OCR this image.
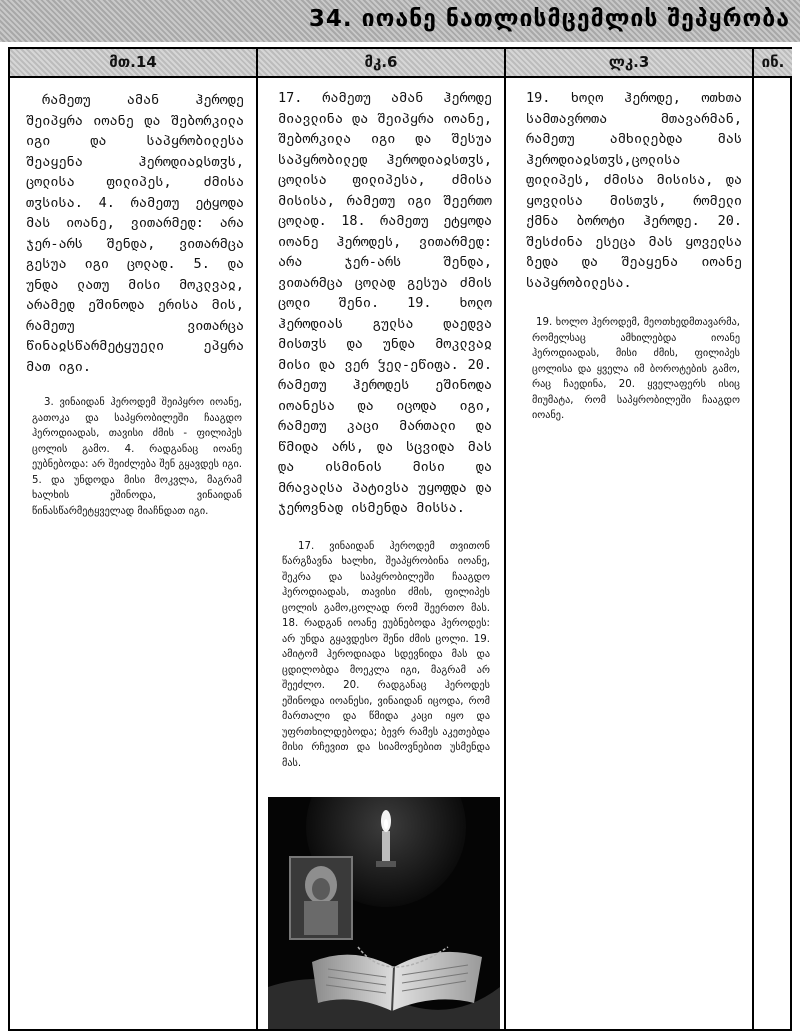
34. იოანე ნათლისმცემლის შეპყრობა
მთ.14

რამეთუ ამან ჰეროდე შეიპყრა იოანე და შებორკილა იგი და საპყრობილესა შეაყენა ჰეროდიაჲსთჳს, ცოლისა ფილიპეს, ძმისა თჳსისა. 4. რამეთუ ეტყოდა მას იოანე, ვითარმედ: არა ჯერ-არს შენდა, ვითარმცა გესუა იგი ცოლად. 5. და უნდა ლათუ მისი მოკლვაჲ, არამედ ეშინოდა ერისა მის, რამეთუ ვითარცა წინაჲსწარმეტყუელი ეპყრა მათ იგი.

3. ვინაიდან ჰეროდემ შეიპყრო იოანე, გათოკა და საპყრობილეში ჩააგდო ჰეროდიადას, თავისი ძმის - ფილიპეს ცოლის გამო. 4. რადგანაც იოანე ეუბნებოდა: არ შეიძლება შენ გყავდეს იგი. 5. და უნდოდა მისი მოკვლა, მაგრამ ხალხის ეშინოდა, ვინაიდან წინასწარმეტყველად მიაჩნდათ იგი.

მკ.6

17. რამეთუ ამან ჰეროდე მიავლინა და შეიპყრა იოანე, შებორკილა იგი და შესუა საპყრობილედ ჰეროდიაჲსთჳს, ცოლისა ფილიპესა, ძმისა მისისა, რამეთუ იგი შეერთო ცოლად. 18. რამეთუ ეტყოდა იოანე ჰეროდეს, ვითარმედ: არა ჯერ-არს შენდა, ვითარმცა ცოლად გესუა ძმის ცოლი შენი. 19. ხოლო ჰეროდიას გულსა დაედვა მისთჳს და უნდა მოკლვაჲ მისი და ვერ ჴელ-ეწიფა. 20. რამეთუ ჰეროდეს ეშინოდა იოანესა და იცოდა იგი, რამეთუ კაცი მართალი და წმიდა არს, და სცვიდა მას და ისმინის მისი და მრავალსა პატივსა უყოფდა და ჯეროვნად ისმენდა მისსა.

17. ვინაიდან ჰეროდემ თვითონ წარგზავნა ხალხი, შეაპყრობინა იოანე, შეკრა და საპყრობილეში ჩააგდო ჰეროდიადას, თავისი ძმის, ფილიპეს ცოლის გამო,ცოლად რომ შეერთო მას. 18. რადგან იოანე ეუბნებოდა ჰეროდეს: არ უნდა გყავდესო შენი ძმის ცოლი. 19. ამიტომ ჰეროდიადა სდევნიდა მას და ცდილობდა მოეკლა იგი, მაგრამ არ შეეძლო. 20. რადგანაც ჰეროდეს ეშინოდა იოანესი, ვინაიდან იცოდა, რომ მართალი და წმიდა კაცი იყო და უფრთხილდებოდა; ბევრ რამეს აკეთებდა მისი რჩევით და სიამოვნებით უსმენდა მას.

ლკ.3

19. ხოლო ჰეროდე, ოთხთა სამთავროთა მთავარმან, რამეთუ ამხილებდა მას ჰეროდიაჲსთჳს,ცოლისა ფილიპეს, ძმისა მისისა, და ყოვლისა მისთჳს, რომელი ქმნა ბოროტი ჰეროდე. 20. შესძინა ესეცა მას ყოველსა ზედა და შეაყენა იოანე საპყრობილესა.

19. ხოლო ჰეროდემ, მეოთხედმთავარმა, რომელსაც ამხილებდა იოანე ჰეროდიადას, მისი ძმის, ფილიპეს ცოლისა და ყველა იმ ბოროტების გამო, რაც ჩაედინა, 20. ყველაფერს ისიც მიუმატა, რომ საპყრობილეში ჩააგდო იოანე.

ინ.
